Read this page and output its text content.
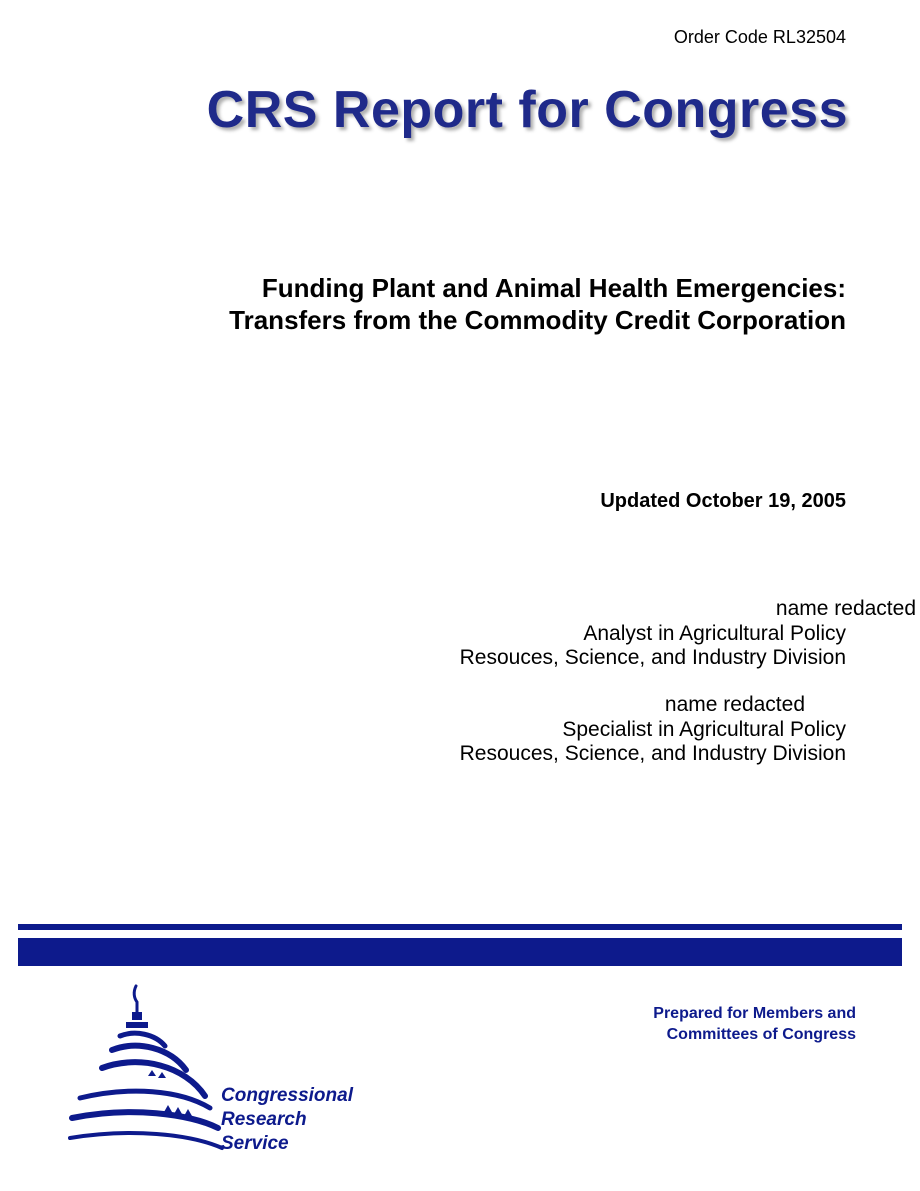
Order Code RL32504
CRS Report for Congress
Funding Plant and Animal Health Emergencies:
Transfers from the Commodity Credit Corporation
Updated October 19, 2005
name redacted
Analyst in Agricultural Policy
Resouces, Science, and Industry Division
name redacted
Specialist in Agricultural Policy
Resouces, Science, and Industry Division
Prepared for Members and
Committees of Congress
Congressional
Research
Service
